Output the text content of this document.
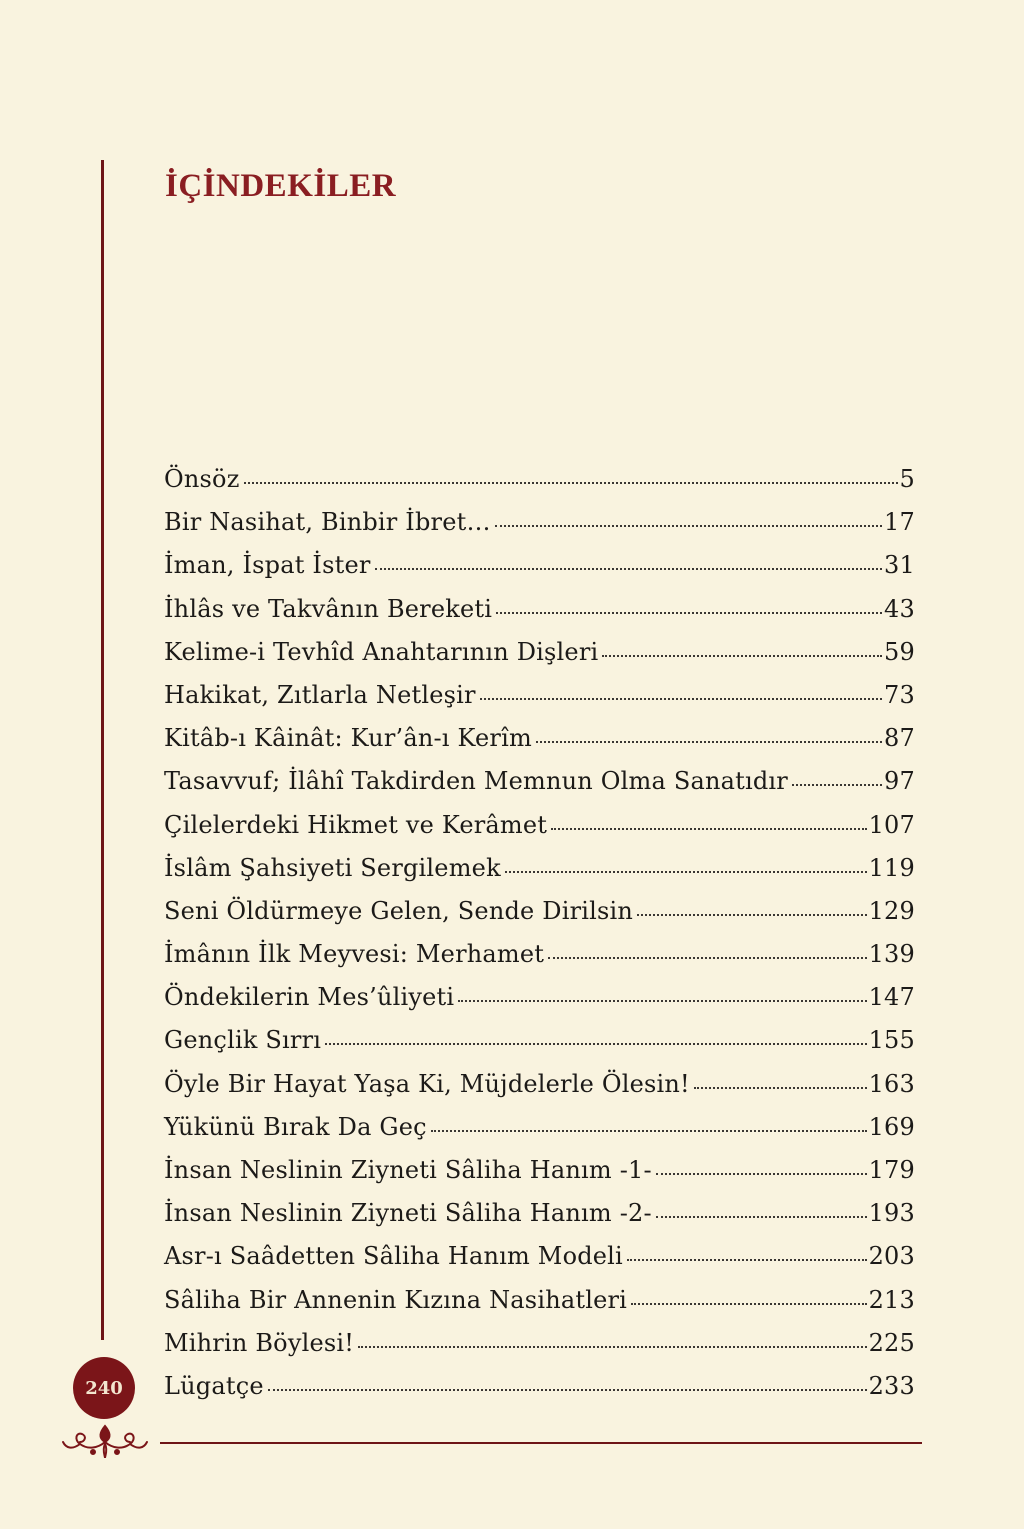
İÇİNDEKİLER
Önsöz	5
Bir Nasihat, Binbir İbret…	17
İman, İspat İster	31
İhlâs ve Takvânın Bereketi	43
Kelime-i Tevhîd Anahtarının Dişleri	59
Hakikat, Zıtlarla Netleşir	73
Kitâb-ı Kâinât: Kur’ân-ı Kerîm	87
Tasavvuf; İlâhî Takdirden Memnun Olma Sanatıdır	97
Çilelerdeki Hikmet ve Kerâmet	107
İslâm Şahsiyeti Sergilemek	119
Seni Öldürmeye Gelen, Sende Dirilsin	129
İmânın İlk Meyvesi: Merhamet	139
Öndekilerin Mes’ûliyeti	147
Gençlik Sırrı	155
Öyle Bir Hayat Yaşa Ki, Müjdelerle Ölesin!	163
Yükünü Bırak Da Geç	169
İnsan Neslinin Ziyneti Sâliha Hanım -1-	179
İnsan Neslinin Ziyneti Sâliha Hanım -2-	193
Asr-ı Saâdetten Sâliha Hanım Modeli	203
Sâliha Bir Annenin Kızına Nasihatleri	213
Mihrin Böylesi!	225
Lügatçe	233
240
